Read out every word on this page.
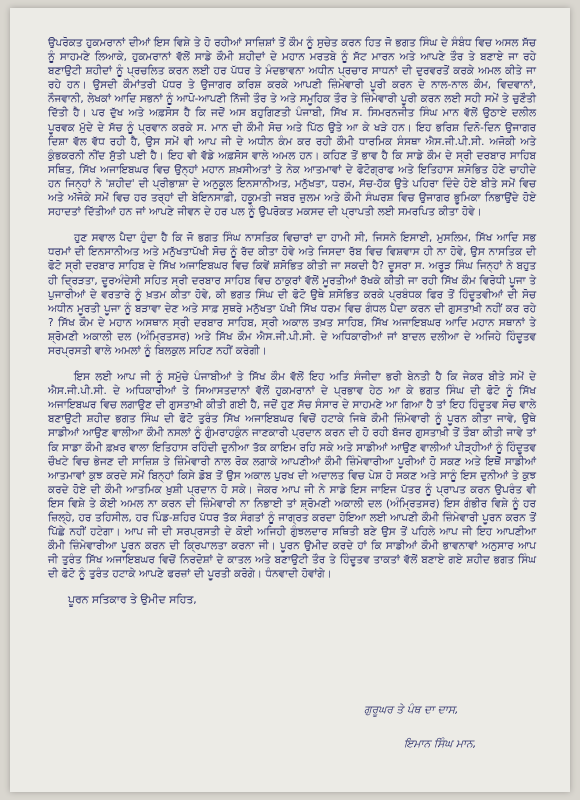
ਉਪਰੋਕਤ ਹੁਕਮਰਾਨਾਂ ਦੀਆਂ ਇਸ ਵਿਸ਼ੇ ਤੇ ਹੋ ਰਹੀਆਂ ਸਾਜ਼ਿਸ਼ਾਂ ਤੋਂ ਕੌਮ ਨੂੰ ਸੁਚੇਤ ਕਰਨ ਹਿਤ ਜੋ ਭਗਤ ਸਿੰਘ ਦੇ ਸੰਬੰਧ ਵਿਚ ਅਸਲ ਸੱਚ ਨੂੰ ਸਾਹਮਣੇ ਲਿਆਕੇ, ਹੁਕਮਰਾਨਾਂ ਵੱਲੋਂ ਸਾਡੇ ਕੌਮੀ ਸ਼ਹੀਦਾਂ ਦੇ ਮਹਾਨ ਮਰਤਬੇ ਨੂੰ ਸੱਟ ਮਾਰਨ ਅਤੇ ਆਪਣੇ ਤੌਰ ਤੇ ਬਣਾਏ ਜਾ ਰਹੇ ਬਣਾਉਟੀ ਸ਼ਹੀਦਾਂ ਨੂੰ ਪ੍ਰਚਲਿਤ ਕਰਨ ਲਈ ਹਰ ਪੱਧਰ ਤੇ ਮੰਦਭਾਵਨਾ ਅਧੀਨ ਪ੍ਰਚਾਰ ਸਾਧਨਾਂ ਦੀ ਦੁਰਵਰਤੋਂ ਕਰਕੇ ਅਮਲ ਕੀਤੇ ਜਾ ਰਹੇ ਹਨ। ਉਸਦੀ ਕੌਮਾਂਤਰੀ ਪੱਧਰ ਤੇ ਉਜਾਗਰ ਕਰਿਸ਼ ਕਰਕੇ ਆਪਣੀ ਜ਼ਿੰਮੇਵਾਰੀ ਪੂਰੀ ਕਰਨ ਦੇ ਨਾਲ-ਨਾਲ ਕੌਮ, ਵਿਦਵਾਨਾਂ, ਨੌਜਵਾਨੀ, ਲੇਖਕਾਂ ਆਦਿ ਸਭਨਾਂ ਨੂੰ ਆਪੋ-ਆਪਣੀ ਨਿੱਜੀ ਤੌਰ ਤੇ ਅਤੇ ਸਮੂਹਿਕ ਤੌਰ ਤੇ ਜ਼ਿੰਮੇਵਾਰੀ ਪੂਰੀ ਕਰਨ ਲਈ ਸਹੀ ਸਮੇਂ ਤੇ ਚੁਣੌਤੀ ਦਿੱਤੀ ਹੈ। ਪਰ ਦੁੱਖ ਅਤੇ ਅਫ਼ਸੋਸ ਹੈ ਕਿ ਜਦੋਂ ਅਸ ਬਹੁਗਿਣਤੀ ਪੰਜਾਬੀ, ਸਿੱਖ ਸ. ਸਿਮਰਨਜੀਤ ਸਿੰਘ ਮਾਨ ਵੱਲੋਂ ਉਠਾਏ ਦਲੀਲ ਪੂਰਵਕ ਮੁੱਦੇ ਦੇ ਸੱਚ ਨੂੰ ਪ੍ਰਵਾਨ ਕਰਕੇ ਸ. ਮਾਨ ਦੀ ਕੌਮੀ ਸੋਚ ਅਤੇ ਪਿੱਠ ਉਤੇ ਆ ਕੇ ਖੜੇ ਹਨ। ਇਹ ਭਰਿਸ਼ ਦਿਨੋ-ਦਿਨ ਉਜਾਗਰ ਦਿਸ਼ਾ ਵੱਲ ਵੱਧ ਰਹੀ ਹੈ, ਉਸ ਸਮੇਂ ਵੀ ਆਪ ਜੀ ਦੇ ਅਧੀਨ ਕੰਮ ਕਰ ਰਹੀ ਕੌਮੀ ਧਾਰਮਿਕ ਸੰਸਥਾ ਐਸ.ਜੀ.ਪੀ.ਸੀ. ਅਜੋਕੀ ਅਤੇ ਕੁੰਭਕਰਨੀ ਨੀਂਦ ਸੁੱਤੀ ਪਈ ਹੈ। ਇਹ ਵੀ ਵੱਡੇ ਅਫ਼ਸੋਸ ਵਾਲੇ ਅਮਲ ਹਨ। ਕਹਿਣ ਤੋਂ ਭਾਵ ਹੈ ਕਿ ਸਾਡੇ ਕੌਮ ਦੇ ਸ੍ਰੀ ਦਰਬਾਰ ਸਾਹਿਬ ਸਥਿਤ, ਸਿੱਖ ਅਜਾਇਬਘਰ ਵਿਚ ਉਨ੍ਹਾਂ ਮਹਾਨ ਸ਼ਖ਼ਸੀਅਤਾਂ ਤੇ ਨੇਕ ਆਤਮਾਵਾਂ ਦੇ ਫੋਟੋਗ੍ਰਾਫ ਅਤੇ ਇਤਿਹਾਸ ਸ਼ਸੋਭਿਤ ਹੋਣੇ ਚਾਹੀਦੇ ਹਨ ਜਿਨ੍ਹਾਂ ਨੇ 'ਸ਼ਹੀਦ' ਦੀ ਪ੍ਰੀਭਾਸ਼ਾ ਦੇ ਅਨੁਕੂਲ ਇਨਸਾਨੀਅਤ, ਮਨੁੱਖਤਾ, ਧਰਮ, ਸੱਚ-ਹੱਕ ਉਤੇ ਪਹਿਰਾ ਦਿੰਦੇ ਹੋਏ ਬੀਤੇ ਸਮੇਂ ਵਿਚ ਅਤੇ ਅੱਜੋਕੇ ਸਮੇਂ ਵਿਚ ਹਰ ਤਰ੍ਹਾਂ ਦੀ ਬੇਇਨਸਾਫ਼ੀ, ਹਕੂਮਤੀ ਜਬਰ ਜ਼ੁਲਮ ਅਤੇ ਕੌਮੀ ਸੰਘਰਸ਼ ਵਿਚ ਉਜਾਗਰ ਭੂਮਿਕਾ ਨਿਭਾਉਂਦੇ ਹੋਏ ਸਹਾਦਤਾਂ ਦਿੱਤੀਆਂ ਹਨ ਜਾਂ ਆਪਣੇ ਜੀਵਨ ਦੇ ਹਰ ਪਲ ਨੂੰ ਉਪਰੋਕਤ ਮਕਸਦ ਦੀ ਪ੍ਰਾਪਤੀ ਲਈ ਸਮਰਪਿਤ ਕੀਤਾ ਹੋਵੇ।

ਹੁਣ ਸਵਾਲ ਪੈਦਾ ਹੁੰਦਾ ਹੈ ਕਿ ਜੋ ਭਗਤ ਸਿੰਘ ਨਾਸਤਿਕ ਵਿਚਾਰਾਂ ਦਾ ਹਾਮੀ ਸੀ, ਜਿਸਨੇ ਇਸਾਈ, ਮੁਸਲਿਮ, ਸਿੱਖ ਆਦਿ ਸਭ ਧਰਮਾਂ ਦੀ ਇਨਸਾਨੀਅਤ ਅਤੇ ਮਨੁੱਖਤਾਪੱਖੀ ਸੋਚ ਨੂੰ ਰੱਦ ਕੀਤਾ ਹੋਵੇ ਅਤੇ ਜਿਸਦਾ ਰੱਬ ਵਿਚ ਵਿਸ਼ਵਾਸ ਹੀ ਨਾ ਹੋਵੇ, ਉਸ ਨਾਸਤਿਕ ਦੀ ਫੋਟੋ ਸ੍ਰੀ ਦਰਬਾਰ ਸਾਹਿਬ ਦੇ ਸਿੱਖ ਅਜਾਇਬਘਰ ਵਿਚ ਕਿਵੇਂ ਸ਼ਸੋਭਿਤ ਕੀਤੀ ਜਾ ਸਕਦੀ ਹੈ? ਦੂਸਰਾ ਸ. ਅਰੂੜ ਸਿੰਘ ਜਿਨ੍ਹਾਂ ਨੇ ਬਹੁਤ ਹੀ ਦ੍ਰਿੜਤਾ, ਦੂਰਅੰਦੇਸੀ ਸਹਿਤ ਸ੍ਰੀ ਦਰਬਾਰ ਸਾਹਿਬ ਵਿਚ ਠਾਕੁਰਾਂ ਵੱਲੋਂ ਮੂਰਤੀਆਂ ਰੱਖਕੇ ਕੀਤੀ ਜਾ ਰਹੀ ਸਿੱਖ ਕੌਮ ਵਿਰੋਧੀ ਪੂਜਾ ਤੇ ਪੁਜਾਰੀਆਂ ਦੇ ਵਰਤਾਰੇ ਨੂੰ ਖ਼ਤਮ ਕੀਤਾ ਹੋਵੇ, ਕੀ ਭਗਤ ਸਿੰਘ ਦੀ ਫੋਟੋ ਉਥੇ ਸ਼ਸੋਭਿਤ ਕਰਕੇ ਪ੍ਰਬੰਧਕ ਫਿਰ ਤੋਂ ਹਿੰਦੂਤਵੀਆਂ ਦੀ ਸੋਚ ਅਧੀਨ ਮੂਰਤੀ ਪੂਜਾ ਨੂੰ ਬੜਾਵਾ ਦੇਣ ਅਤੇ ਸਾਫ਼ ਸੁਥਰੇ ਮਨੁੱਖਤਾ ਪੱਖੀ ਸਿੱਖ ਧਰਮ ਵਿਚ ਗੰਧਲ ਪੈਦਾ ਕਰਨ ਦੀ ਗੁਸਤਾਖ਼ੀ ਨਹੀਂ ਕਰ ਰਹੇ ? ਸਿੱਖ ਕੌਮ ਦੇ ਮਹਾਨ ਅਸਥਾਨ ਸ੍ਰੀ ਦਰਬਾਰ ਸਾਹਿਬ, ਸ੍ਰੀ ਅਕਾਲ ਤਖ਼ਤ ਸਾਹਿਬ, ਸਿੱਖ ਅਜਾਇਬਘਰ ਆਦਿ ਮਹਾਨ ਸਥਾਨਾਂ ਤੇ ਸ਼੍ਰੋਮਣੀ ਅਕਾਲੀ ਦਲ (ਅੰਮ੍ਰਿਤਸਰ) ਅਤੇ ਸਿੱਖ ਕੌਮ ਐਸ.ਜੀ.ਪੀ.ਸੀ. ਦੇ ਅਧਿਕਾਰੀਆਂ ਜਾਂ ਬਾਦਲ ਦਲੀਆ ਦੇ ਅਜਿਹੇ ਹਿੰਦੂਤਵ ਸਰਪ੍ਰਸਤੀ ਵਾਲੇ ਅਮਲਾਂ ਨੂੰ ਬਿਲਕੁਲ ਸਹਿਣ ਨਹੀਂ ਕਰੇਗੀ।

ਇਸ ਲਈ ਆਪ ਜੀ ਨੂੰ ਸਮੁੱਚੇ ਪੰਜਾਬੀਆਂ ਤੇ ਸਿੱਖ ਕੌਮ ਵੱਲੋਂ ਇਹ ਅਤਿ ਸੰਜੀਦਾ ਭਰੀ ਬੇਨਤੀ ਹੈ ਕਿ ਜੇਕਰ ਬੀਤੇ ਸਮੇਂ ਦੇ ਐਸ.ਜੀ.ਪੀ.ਸੀ. ਦੇ ਅਧਿਕਾਰੀਆਂ ਤੇ ਸਿਆਸਤਦਾਨਾਂ ਵੱਲੋਂ ਹੁਕਮਰਾਨਾਂ ਦੇ ਪ੍ਰਭਾਵ ਹੇਠ ਆ ਕੇ ਭਗਤ ਸਿੰਘ ਦੀ ਫੋਟੋ ਨੂੰ ਸਿੱਖ ਅਜਾਇਬਘਰ ਵਿਚ ਲਗਾਉਣ ਦੀ ਗੁਸਤਾਖ਼ੀ ਕੀਤੀ ਗਈ ਹੈ, ਜਦੋਂ ਹੁਣ ਸੱਚ ਸੰਸਾਰ ਦੇ ਸਾਹਮਣੇ ਆ ਗਿਆ ਹੈ ਤਾਂ ਇਹ ਹਿੰਦੂਤਵ ਸੋਚ ਵਾਲੇ ਬਣਾਉਟੀ ਸ਼ਹੀਦ ਭਗਤ ਸਿੰਘ ਦੀ ਫੋਟੋ ਤੁਰੰਤ ਸਿੱਖ ਅਜਾਇਬਘਰ ਵਿਚੋਂ ਹਟਾਕੇ ਜਿਥੇ ਕੌਮੀ ਜ਼ਿੰਮੇਵਾਰੀ ਨੂੰ ਪੂਰਨ ਕੀਤਾ ਜਾਵੇ, ਉਥੇ ਸਾਡੀਆਂ ਆਉਣ ਵਾਲੀਆ ਕੌਮੀ ਨਸਲਾਂ ਨੂੰ ਗੁੰਮਰਾਹਕੁੰਨ ਜਾਣਕਾਰੀ ਪ੍ਰਦਾਨ ਕਰਨ ਦੀ ਹੋ ਰਹੀ ਬੱਜਰ ਗੁਸਤਾਖ਼ੀ ਤੋਂ ਤੌਬਾ ਕੀਤੀ ਜਾਵੇ ਤਾਂ ਕਿ ਸਾਡਾ ਕੌਮੀ ਫ਼ਖ਼ਰ ਵਾਲਾ ਇਤਿਹਾਸ ਰਹਿੰਦੀ ਦੁਨੀਆ ਤੱਕ ਕਾਇਮ ਰਹਿ ਸਕੇ ਅਤੇ ਸਾਡੀਆਂ ਆਉਣ ਵਾਲੀਆਂ ਪੀੜ੍ਹੀਆਂ ਨੂੰ ਹਿੰਦੂਤਵ ਚੌਖਟੇ ਵਿਚ ਭੇਜਣ ਦੀ ਸਾਜ਼ਿਸ਼ ਤੇ ਜ਼ਿੰਮੇਵਾਰੀ ਨਾਲ ਰੋਕ ਲਗਾਕੇ ਆਪਣੀਆਂ ਕੌਮੀ ਜ਼ਿੰਮੇਵਾਰੀਆ ਪੂਰੀਆਂ ਹੋ ਸਕਣ ਅਤੇ ਇਥੋਂ ਸਾਡੀਆਂ ਆਤਮਾਵਾਂ ਕੁਝ ਕਰਦੇ ਸਮੇਂ ਬਿਨ੍ਹਾਂ ਕਿਸੇ ਡੋਬ ਤੋਂ ਉਸ ਅਕਾਲ ਪੁਰਖ ਦੀ ਅਦਾਲਤ ਵਿਚ ਪੇਸ਼ ਹੋ ਸਕਣ ਅਤੇ ਸਾਨੂੰ ਇਸ ਦੁਨੀਆਂ ਤੇ ਕੁਝ ਕਰਦੇ ਹੋਏ ਦੀ ਕੌਮੀ ਆਤਮਿਕ ਖ਼ੁਸ਼ੀ ਪ੍ਰਦਾਨ ਹੋ ਸਕੇ। ਜੇਕਰ ਆਪ ਜੀ ਨੇ ਸਾਡੇ ਇਸ ਜਾਇਜ ਪੱਤਰ ਨੂੰ ਪ੍ਰਾਪਤ ਕਰਨ ਉਪਰੰਤ ਵੀ ਇਸ ਵਿਸ਼ੇ ਤੇ ਕੋਈ ਅਮਲ ਨਾ ਕਰਨ ਦੀ ਜ਼ਿੰਮੇਵਾਰੀ ਨਾ ਨਿਭਾਈ ਤਾਂ ਸ਼੍ਰੋਮਣੀ ਅਕਾਲੀ ਦਲ (ਅੰਮ੍ਰਿਤਸਰ) ਇਸ ਗੰਭੀਰ ਵਿਸ਼ੇ ਨੂੰ ਹਰ ਜ਼ਿਲ੍ਹੇ, ਹਰ ਤਹਿਸੀਲ, ਹਰ ਪਿੰਡ-ਸ਼ਹਿਰ ਪੱਧਰ ਤੱਕ ਸੰਗਤਾਂ ਨੂੰ ਜਾਗ੍ਰਤ ਕਰਦਾ ਹੋਇਆ ਲਈ ਆਪਣੀ ਕੌਮੀ ਜ਼ਿੰਮੇਵਾਰੀ ਪੂਰਨ ਕਰਨ ਤੋਂ ਪਿੱਛੇ ਨਹੀਂ ਹਟੇਗਾ। ਆਪ ਜੀ ਦੀ ਸਰਪ੍ਰਸਤੀ ਦੇ ਕੋਈ ਅਜਿਹੀ ਗੁੰਝਲਦਾਰ ਸਥਿਤੀ ਬਣੇ ਉਸ ਤੋਂ ਪਹਿਲੇ ਆਪ ਜੀ ਇਹ ਆਪਣੀਆ ਕੌਮੀ ਜ਼ਿੰਮੇਵਾਰੀਆ ਪੂਰਨ ਕਰਨ ਦੀ ਕ੍ਰਿਪਾਲਤਾ ਕਰਨਾ ਜੀ। ਪੂਰਨ ਉਮੀਦ ਕਰਦੇ ਹਾਂ ਕਿ ਸਾਡੀਆਂ ਕੌਮੀ ਭਾਵਨਾਵਾਂ ਅਨੁਸਾਰ ਆਪ ਜੀ ਤੁਰੰਤ ਸਿੱਖ ਅਜਾਇਬਘਰ ਵਿਚੋਂ ਨਿਰਦੋਸ਼ਾਂ ਦੇ ਕਾਤਲ ਅਤੇ ਬਣਾਉਟੀ ਤੌਰ ਤੇ ਹਿੰਦੂਤਵ ਤਾਕਤਾਂ ਵੱਲੋਂ ਬਣਾਏ ਗਏ ਸ਼ਹੀਦ ਭਗਤ ਸਿੰਘ ਦੀ ਫੋਟੋ ਨੂੰ ਤੁਰੰਤ ਹਟਾਕੇ ਆਪਣੇ ਫਰਜ਼ਾਂ ਦੀ ਪੂਰਤੀ ਕਰੋਗੇ। ਧੰਨਵਾਦੀ ਹੋਵਾਂਗੇ।

ਪੂਰਨ ਸਤਿਕਾਰ ਤੇ ਉਮੀਦ ਸਹਿਤ,

ਗੁਰੂਘਰ ਤੇ ਪੰਥ ਦਾ ਦਾਸ,

ਇਮਾਨ ਸਿੰਘ ਮਾਨ,
